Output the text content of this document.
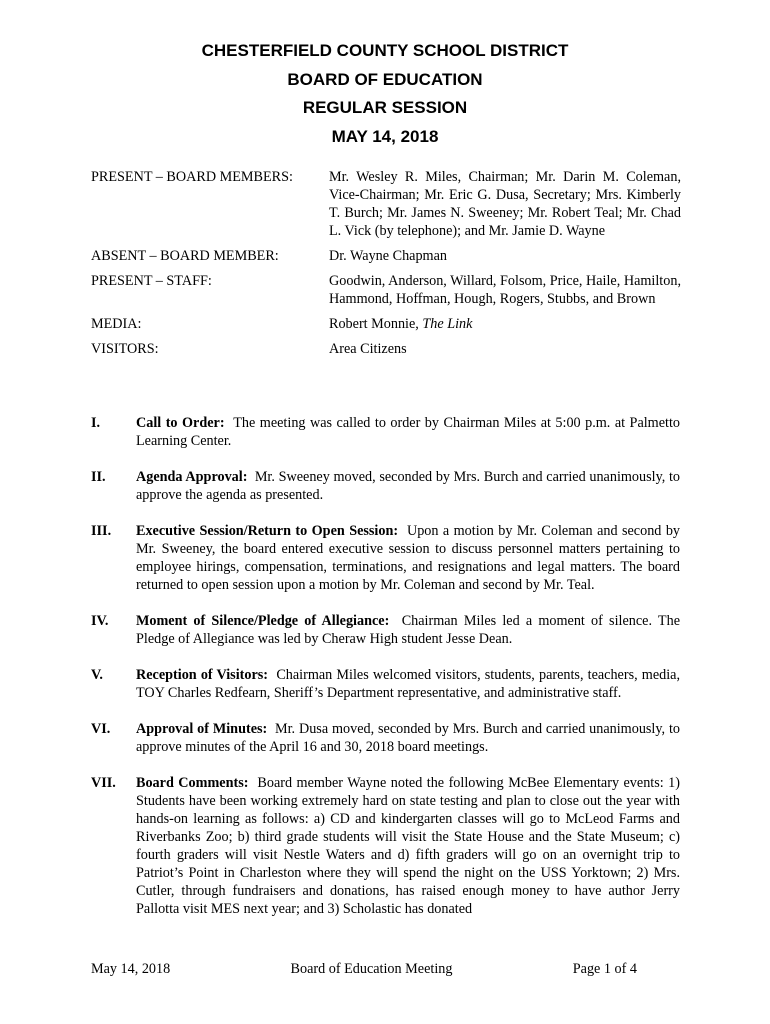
CHESTERFIELD COUNTY SCHOOL DISTRICT
BOARD OF EDUCATION
REGULAR SESSION
MAY 14, 2018
PRESENT – BOARD MEMBERS:	Mr. Wesley R. Miles, Chairman; Mr. Darin M. Coleman, Vice-Chairman; Mr. Eric G. Dusa, Secretary; Mrs. Kimberly T. Burch; Mr. James N. Sweeney; Mr. Robert Teal; Mr. Chad L. Vick (by telephone); and Mr. Jamie D. Wayne
ABSENT – BOARD MEMBER:	Dr. Wayne Chapman
PRESENT – STAFF:	Goodwin, Anderson, Willard, Folsom, Price, Haile, Hamilton, Hammond, Hoffman, Hough, Rogers, Stubbs, and Brown
MEDIA:	Robert Monnie, The Link
VISITORS:	Area Citizens
I.	Call to Order: The meeting was called to order by Chairman Miles at 5:00 p.m. at Palmetto Learning Center.
II.	Agenda Approval: Mr. Sweeney moved, seconded by Mrs. Burch and carried unanimously, to approve the agenda as presented.
III.	Executive Session/Return to Open Session: Upon a motion by Mr. Coleman and second by Mr. Sweeney, the board entered executive session to discuss personnel matters pertaining to employee hirings, compensation, terminations, and resignations and legal matters. The board returned to open session upon a motion by Mr. Coleman and second by Mr. Teal.
IV.	Moment of Silence/Pledge of Allegiance: Chairman Miles led a moment of silence. The Pledge of Allegiance was led by Cheraw High student Jesse Dean.
V.	Reception of Visitors: Chairman Miles welcomed visitors, students, parents, teachers, media, TOY Charles Redfearn, Sheriff’s Department representative, and administrative staff.
VI.	Approval of Minutes: Mr. Dusa moved, seconded by Mrs. Burch and carried unanimously, to approve minutes of the April 16 and 30, 2018 board meetings.
VII.	Board Comments: Board member Wayne noted the following McBee Elementary events: 1) Students have been working extremely hard on state testing and plan to close out the year with hands-on learning as follows: a) CD and kindergarten classes will go to McLeod Farms and Riverbanks Zoo; b) third grade students will visit the State House and the State Museum; c) fourth graders will visit Nestle Waters and d) fifth graders will go on an overnight trip to Patriot’s Point in Charleston where they will spend the night on the USS Yorktown; 2) Mrs. Cutler, through fundraisers and donations, has raised enough money to have author Jerry Pallotta visit MES next year; and 3) Scholastic has donated
May 14, 2018	Board of Education Meeting	Page 1 of 4
